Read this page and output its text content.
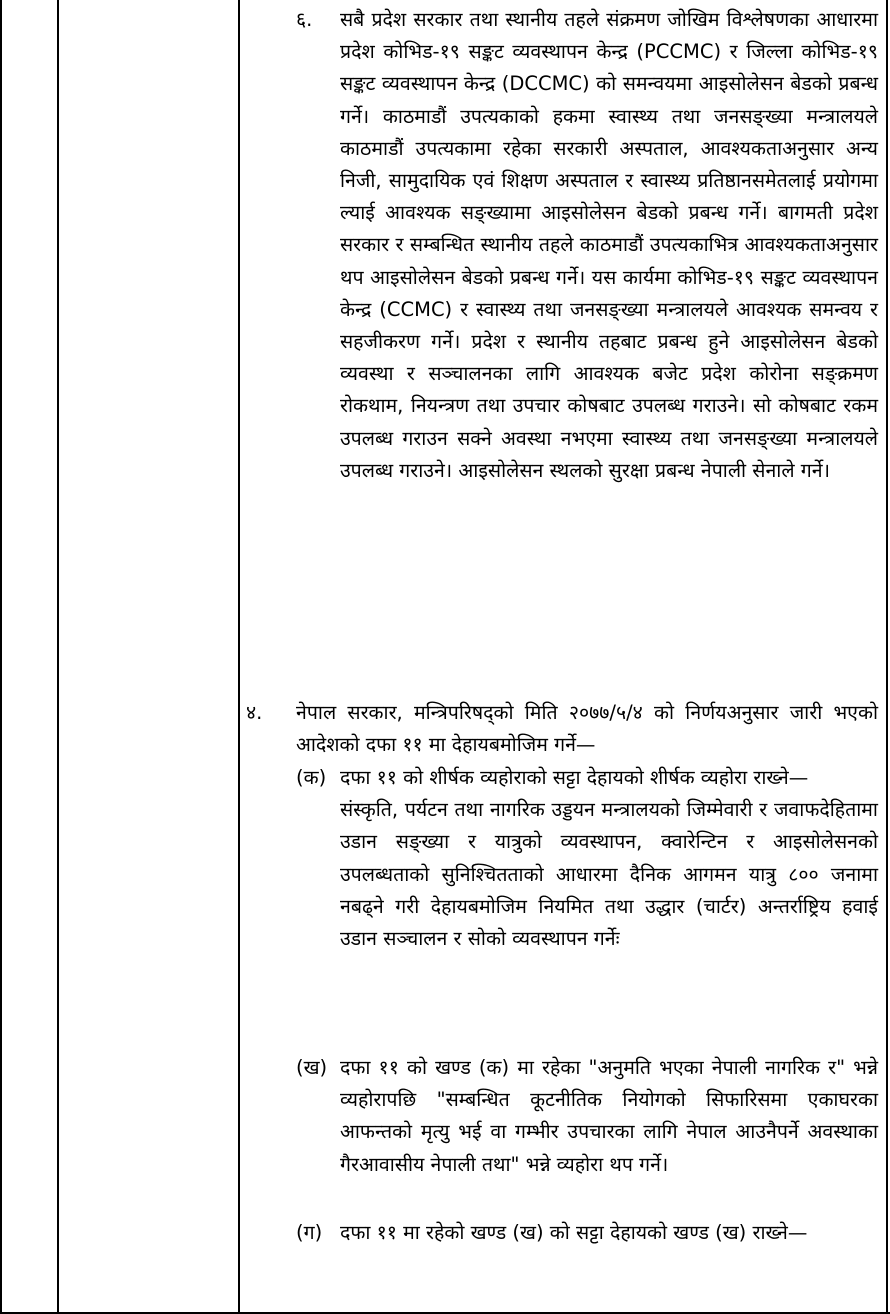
६. सबै प्रदेश सरकार तथा स्थानीय तहले संक्रमण जोखिम विश्लेषणका आधारमा प्रदेश कोभिड-१९ सङ्कट व्यवस्थापन केन्द्र (PCCMC) र जिल्ला कोभिड-१९ सङ्कट व्यवस्थापन केन्द्र (DCCMC) को समन्वयमा आइसोलेसन बेडको प्रबन्ध गर्ने। काठमाडौं उपत्यकाको हकमा स्वास्थ्य तथा जनसङ्ख्या मन्त्रालयले काठमाडौं उपत्यकामा रहेका सरकारी अस्पताल, आवश्यकताअनुसार अन्य निजी, सामुदायिक एवं शिक्षण अस्पताल र स्वास्थ्य प्रतिष्ठानसमेतलाई प्रयोगमा ल्याई आवश्यक सङ्ख्यामा आइसोलेसन बेडको प्रबन्ध गर्ने। बागमती प्रदेश सरकार र सम्बन्धित स्थानीय तहले काठमाडौं उपत्यकाभित्र आवश्यकताअनुसार थप आइसोलेसन बेडको प्रबन्ध गर्ने। यस कार्यमा कोभिड-१९ सङ्कट व्यवस्थापन केन्द्र (CCMC) र स्वास्थ्य तथा जनसङ्ख्या मन्त्रालयले आवश्यक समन्वय र सहजीकरण गर्ने। प्रदेश र स्थानीय तहबाट प्रबन्ध हुने आइसोलेसन बेडको व्यवस्था र सञ्चालनका लागि आवश्यक बजेट प्रदेश कोरोना सङ्क्रमण रोकथाम, नियन्त्रण तथा उपचार कोषबाट उपलब्ध गराउने। सो कोषबाट रकम उपलब्ध गराउन सक्ने अवस्था नभएमा स्वास्थ्य तथा जनसङ्ख्या मन्त्रालयले उपलब्ध गराउने। आइसोलेसन स्थलको सुरक्षा प्रबन्ध नेपाली सेनाले गर्ने।

४. नेपाल सरकार, मन्त्रिपरिषद्को मिति २०७७/५/४ को निर्णयअनुसार जारी भएको आदेशको दफा ११ मा देहायबमोजिम गर्ने—

(क) दफा ११ को शीर्षक व्यहोराको सट्टा देहायको शीर्षक व्यहोरा राख्ने—

संस्कृति, पर्यटन तथा नागरिक उड्डयन मन्त्रालयको जिम्मेवारी र जवाफदेहितामा उडान सङ्ख्या र यात्रुको व्यवस्थापन, क्वारेन्टिन र आइसोलेसनको उपलब्धताको सुनिश्चितताको आधारमा दैनिक आगमन यात्रु ८०० जनामा नबढ्ने गरी देहायबमोजिम नियमित तथा उद्धार (चार्टर) अन्तर्राष्ट्रिय हवाई उडान सञ्चालन र सोको व्यवस्थापन गर्नेः

(ख) दफा ११ को खण्ड (क) मा रहेका "अनुमति भएका नेपाली नागरिक र" भन्ने व्यहोरापछि "सम्बन्धित कूटनीतिक नियोगको सिफारिसमा एकाघरका आफन्तको मृत्यु भई वा गम्भीर उपचारका लागि नेपाल आउनैपर्ने अवस्थाका गैरआवासीय नेपाली तथा" भन्ने व्यहोरा थप गर्ने।

(ग) दफा ११ मा रहेको खण्ड (ख) को सट्टा देहायको खण्ड (ख) राख्ने—
